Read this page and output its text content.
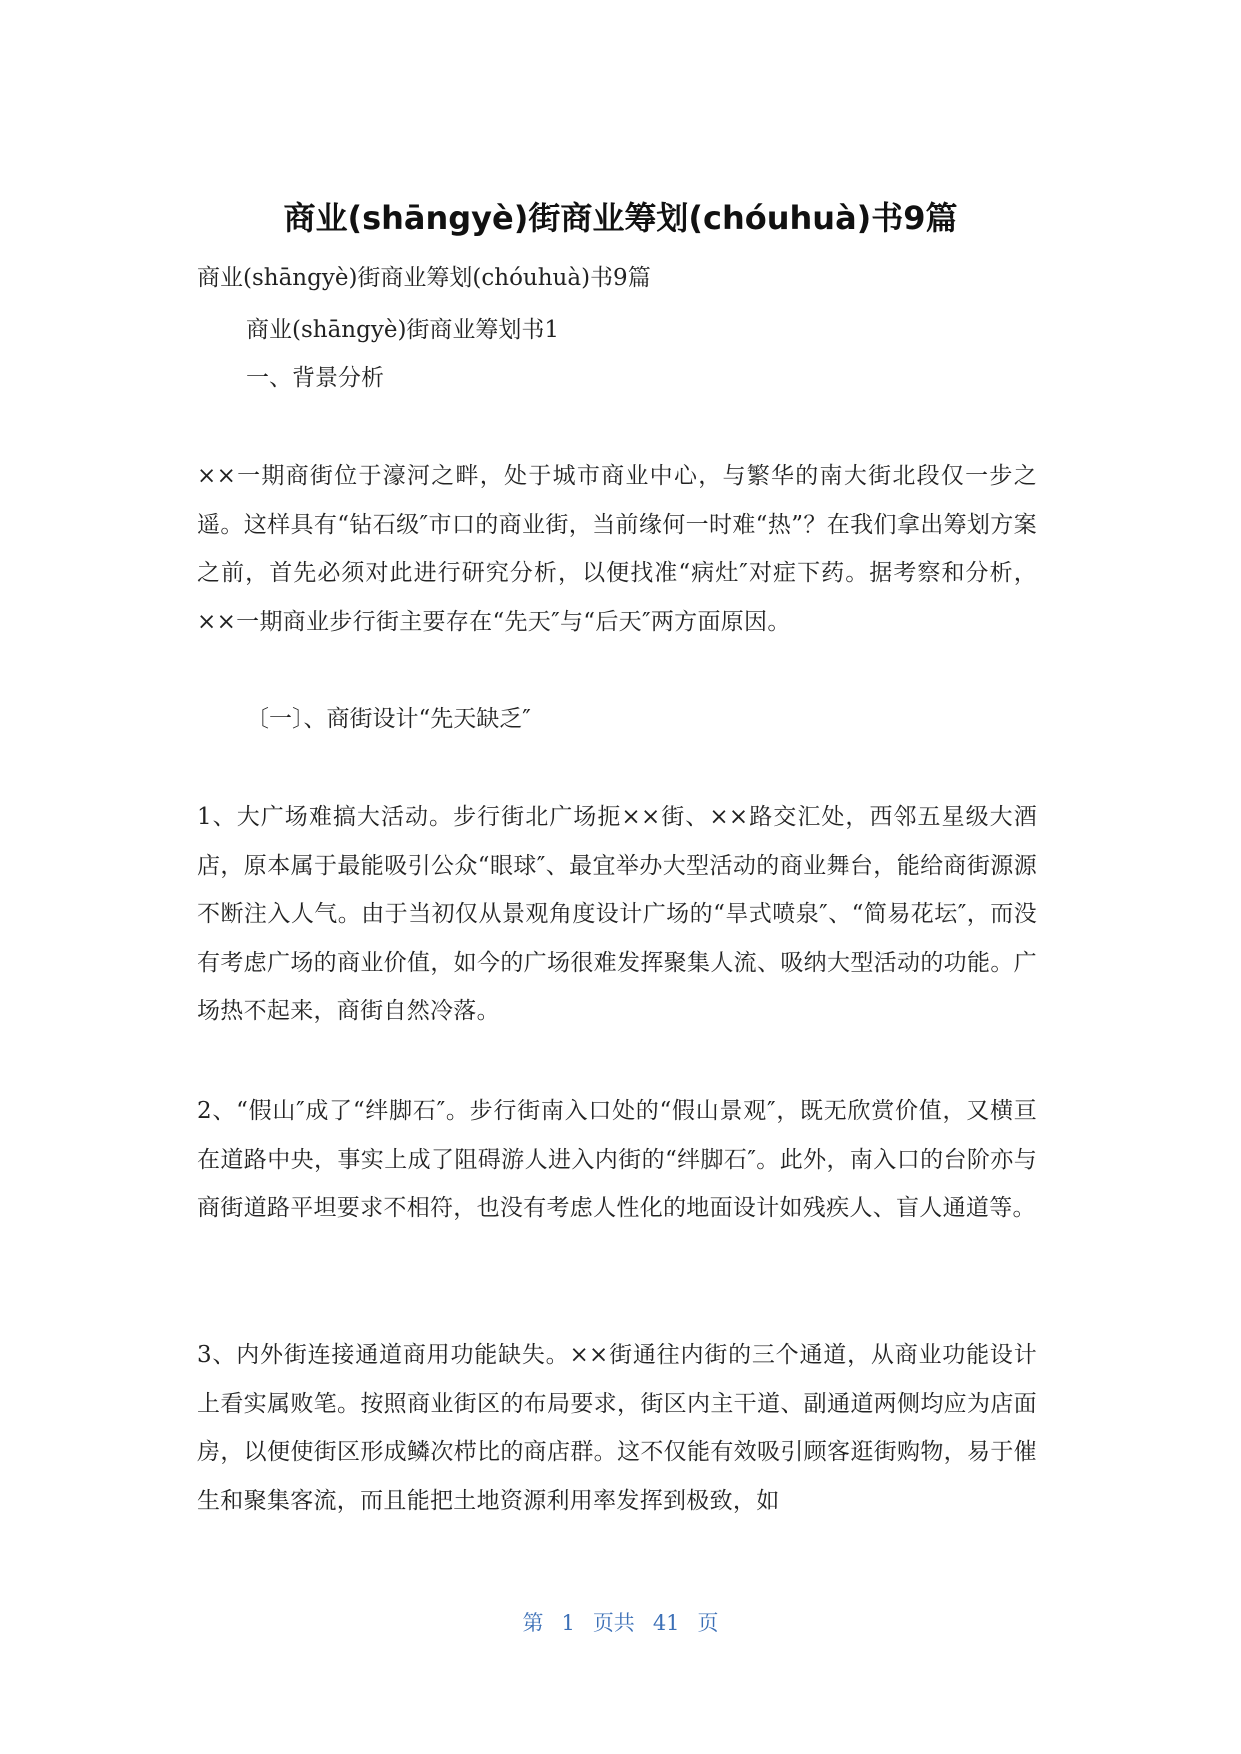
商业(shāngyè)街商业筹划(chóuhuà)书9篇

商业(shāngyè)街商业筹划(chóuhuà)书9篇

商业(shāngyè)街商业筹划书1

一、背景分析

××一期商街位于濠河之畔，处于城市商业中心，与繁华的南大街北段仅一步之遥。这样具有“钻石级″市口的商业街，当前缘何一时难“热”？在我们拿出筹划方案之前，首先必须对此进行研究分析，以便找准“病灶″对症下药。据考察和分析，××一期商业步行街主要存在“先天″与“后天″两方面原因。

〔一〕、商街设计“先天缺乏″

1、大广场难搞大活动。步行街北广场扼××街、××路交汇处，西邻五星级大酒店，原本属于最能吸引公众“眼球″、最宜举办大型活动的商业舞台，能给商街源源不断注入人气。由于当初仅从景观角度设计广场的“旱式喷泉″、“简易花坛″，而没有考虑广场的商业价值，如今的广场很难发挥聚集人流、吸纳大型活动的功能。广场热不起来，商街自然冷落。

2、“假山″成了“绊脚石″。步行街南入口处的“假山景观″，既无欣赏价值，又横亘在道路中央，事实上成了阻碍游人进入内街的“绊脚石″。此外，南入口的台阶亦与商街道路平坦要求不相符，也没有考虑人性化的地面设计如残疾人、盲人通道等。

3、内外街连接通道商用功能缺失。××街通往内街的三个通道，从商业功能设计上看实属败笔。按照商业街区的布局要求，街区内主干道、副通道两侧均应为店面房，以便使街区形成鳞次栉比的商店群。这不仅能有效吸引顾客逛街购物，易于催生和聚集客流，而且能把土地资源利用率发挥到极致，如

第 1 页共 41 页
